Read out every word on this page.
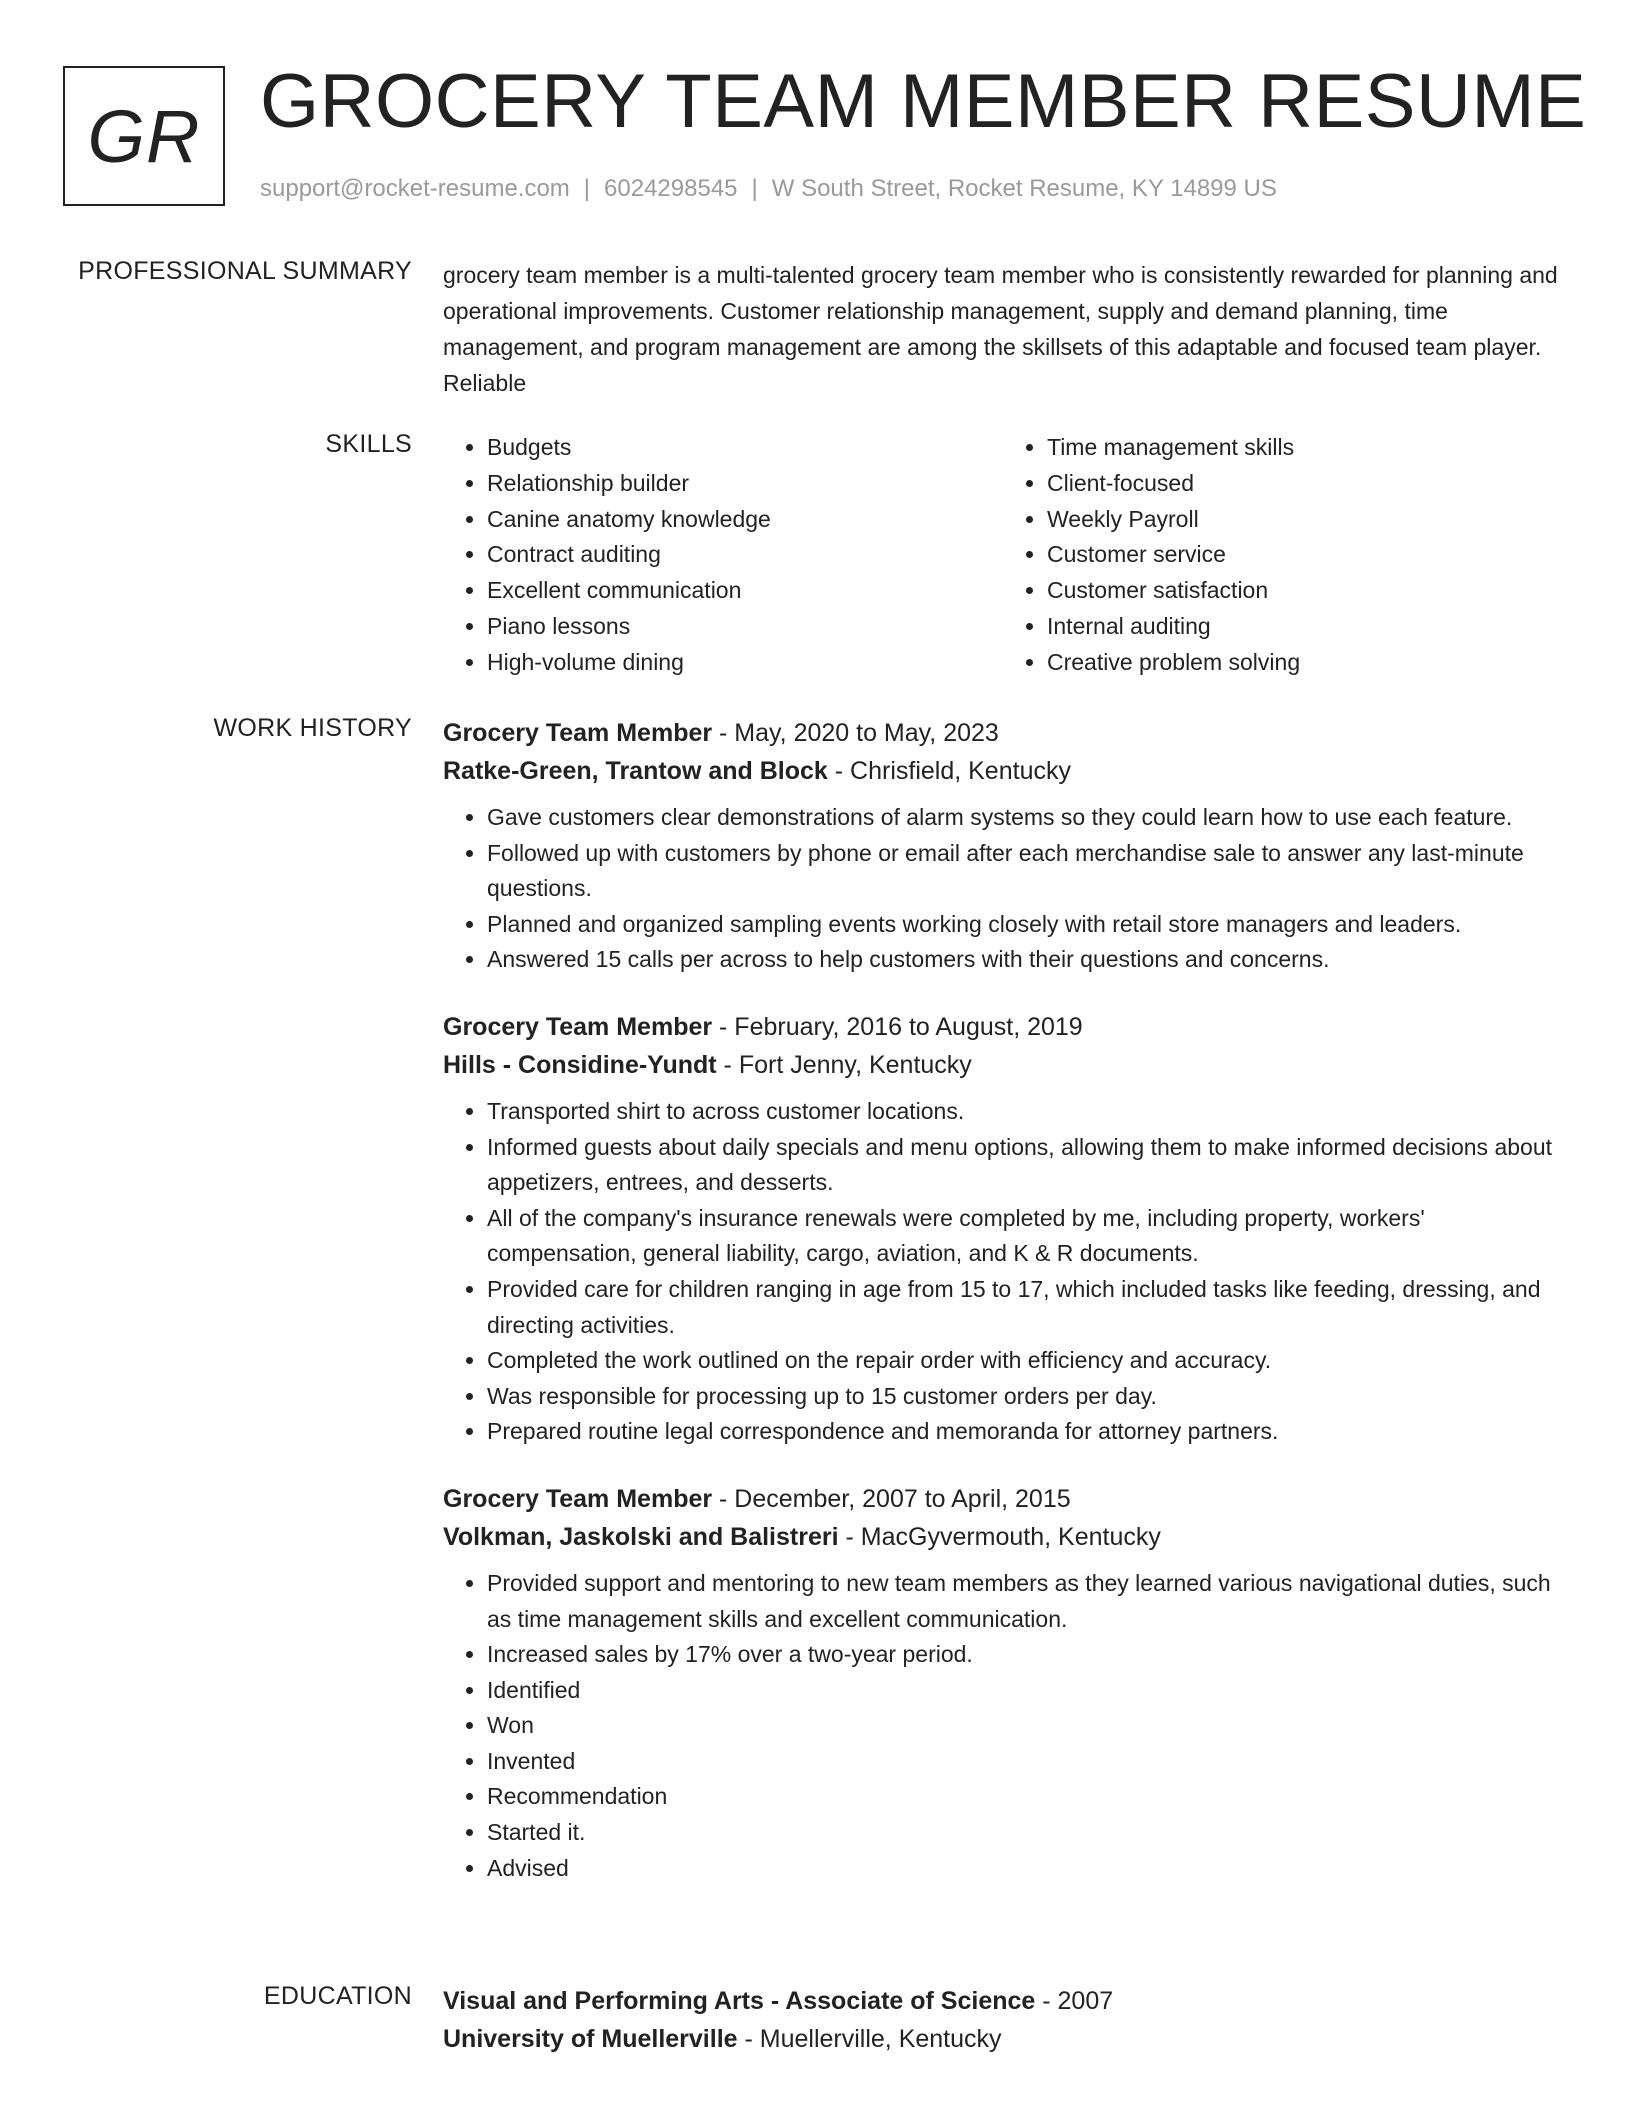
GR GROCERY TEAM MEMBER RESUME
support@rocket-resume.com | 6024298545 | W South Street, Rocket Resume, KY 14899 US
PROFESSIONAL SUMMARY grocery team member is a multi-talented grocery team member who is consistently rewarded for planning and operational improvements. Customer relationship management, supply and demand planning, time management, and program management are among the skillsets of this adaptable and focused team player. Reliable

SKILLS
•	Budgets
• Relationship builder
• Canine anatomy knowledge
• Contract auditing
• Excellent communication
• Piano lessons
• High-volume dining
• Time management skills
• Client-focused
• Weekly Payroll
• Customer service
• Customer satisfaction
• Internal auditing
• Creative problem solving
WORK HISTORY Grocery Team Member - May, 2020 to May, 2023
Ratke-Green, Trantow and Block - Chrisfield, Kentucky
• Gave customers clear demonstrations of alarm systems so they could learn how to use each feature.
• Followed up with customers by phone or email after each merchandise sale to answer any last-minute questions.
• Planned and organized sampling events working closely with retail store managers and leaders.
• Answered 15 calls per across to help customers with their questions and concerns.
Grocery Team Member - February, 2016 to August, 2019
Hills - Considine-Yundt - Fort Jenny, Kentucky
• Transported shirt to across customer locations.
• Informed guests about daily specials and menu options, allowing them to make informed decisions about appetizers, entrees, and desserts.
• All of the company's insurance renewals were completed by me, including property, workers' compensation, general liability, cargo, aviation, and K & R documents.
• Provided care for children ranging in age from 15 to 17, which included tasks like feeding, dressing, and directing activities.
• Completed the work outlined on the repair order with efficiency and accuracy.
• Was responsible for processing up to 15 customer orders per day.
• Prepared routine legal correspondence and memoranda for attorney partners.
Grocery Team Member - December, 2007 to April, 2015
Volkman, Jaskolski and Balistreri - MacGyvermouth, Kentucky
• Provided support and mentoring to new team members as they learned various navigational duties, such as time management skills and excellent communication.
• Increased sales by 17% over a two-year period.
• Identified
• Won
• Invented
• Recommendation
• Started it.
• Advised
EDUCATION Visual and Performing Arts - Associate of Science - 2007
University of Muellerville - Muellerville, Kentucky
